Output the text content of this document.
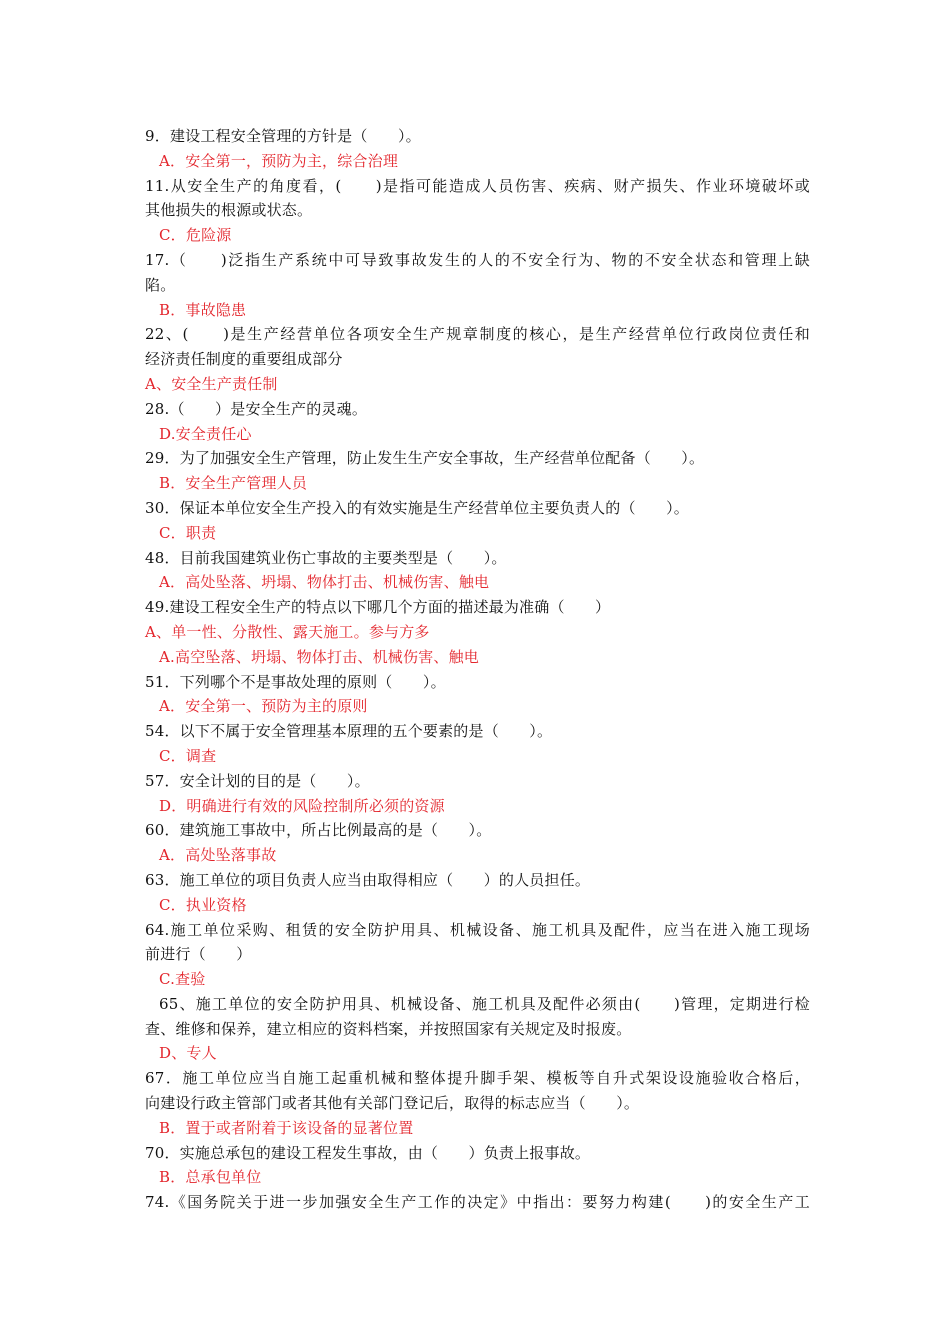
9．建设工程安全管理的方针是（　　）。
A．安全第一，预防为主，综合治理
11.从安全生产的角度看，(　　)是指可能造成人员伤害、疾病、财产损失、作业环境破坏或
其他损失的根源或状态。
C．危险源
17.（　　)泛指生产系统中可导致事故发生的人的不安全行为、物的不安全状态和管理上缺
陷。
B．事故隐患
22、(　　)是生产经营单位各项安全生产规章制度的核心，是生产经营单位行政岗位责任和
经济责任制度的重要组成部分
A、安全生产责任制
28.（　　）是安全生产的灵魂。
D.安全责任心
29．为了加强安全生产管理，防止发生生产安全事故，生产经营单位配备（　　）。
B．安全生产管理人员
30．保证本单位安全生产投入的有效实施是生产经营单位主要负责人的（　　）。
C．职责
48．目前我国建筑业伤亡事故的主要类型是（　　）。
A．高处坠落、坍塌、物体打击、机械伤害、触电
49.建设工程安全生产的特点以下哪几个方面的描述最为准确（　　）
A、单一性、分散性、露天施工。参与方多
A.高空坠落、坍塌、物体打击、机械伤害、触电
51．下列哪个不是事故处理的原则（　　）。
A．安全第一、预防为主的原则
54．以下不属于安全管理基本原理的五个要素的是（　　）。
C．调查
57．安全计划的目的是（　　）。
D．明确进行有效的风险控制所必须的资源
60．建筑施工事故中，所占比例最高的是（　　）。
A．高处坠落事故
63．施工单位的项目负责人应当由取得相应（　　）的人员担任。
C．执业资格
64.施工单位采购、租赁的安全防护用具、机械设备、施工机具及配件，应当在进入施工现场
前进行（　　）
C.查验
65、施工单位的安全防护用具、机械设备、施工机具及配件必须由(　　)管理，定期进行检
查、维修和保养，建立相应的资料档案，并按照国家有关规定及时报废。
D、专人
67．施工单位应当自施工起重机械和整体提升脚手架、模板等自升式架设设施验收合格后，
向建设行政主管部门或者其他有关部门登记后，取得的标志应当（　　）。
B．置于或者附着于该设备的显著位置
70．实施总承包的建设工程发生事故，由（　　）负责上报事故。
B．总承包单位
74.《国务院关于进一步加强安全生产工作的决定》中指出：要努力构建(　　)的安全生产工
